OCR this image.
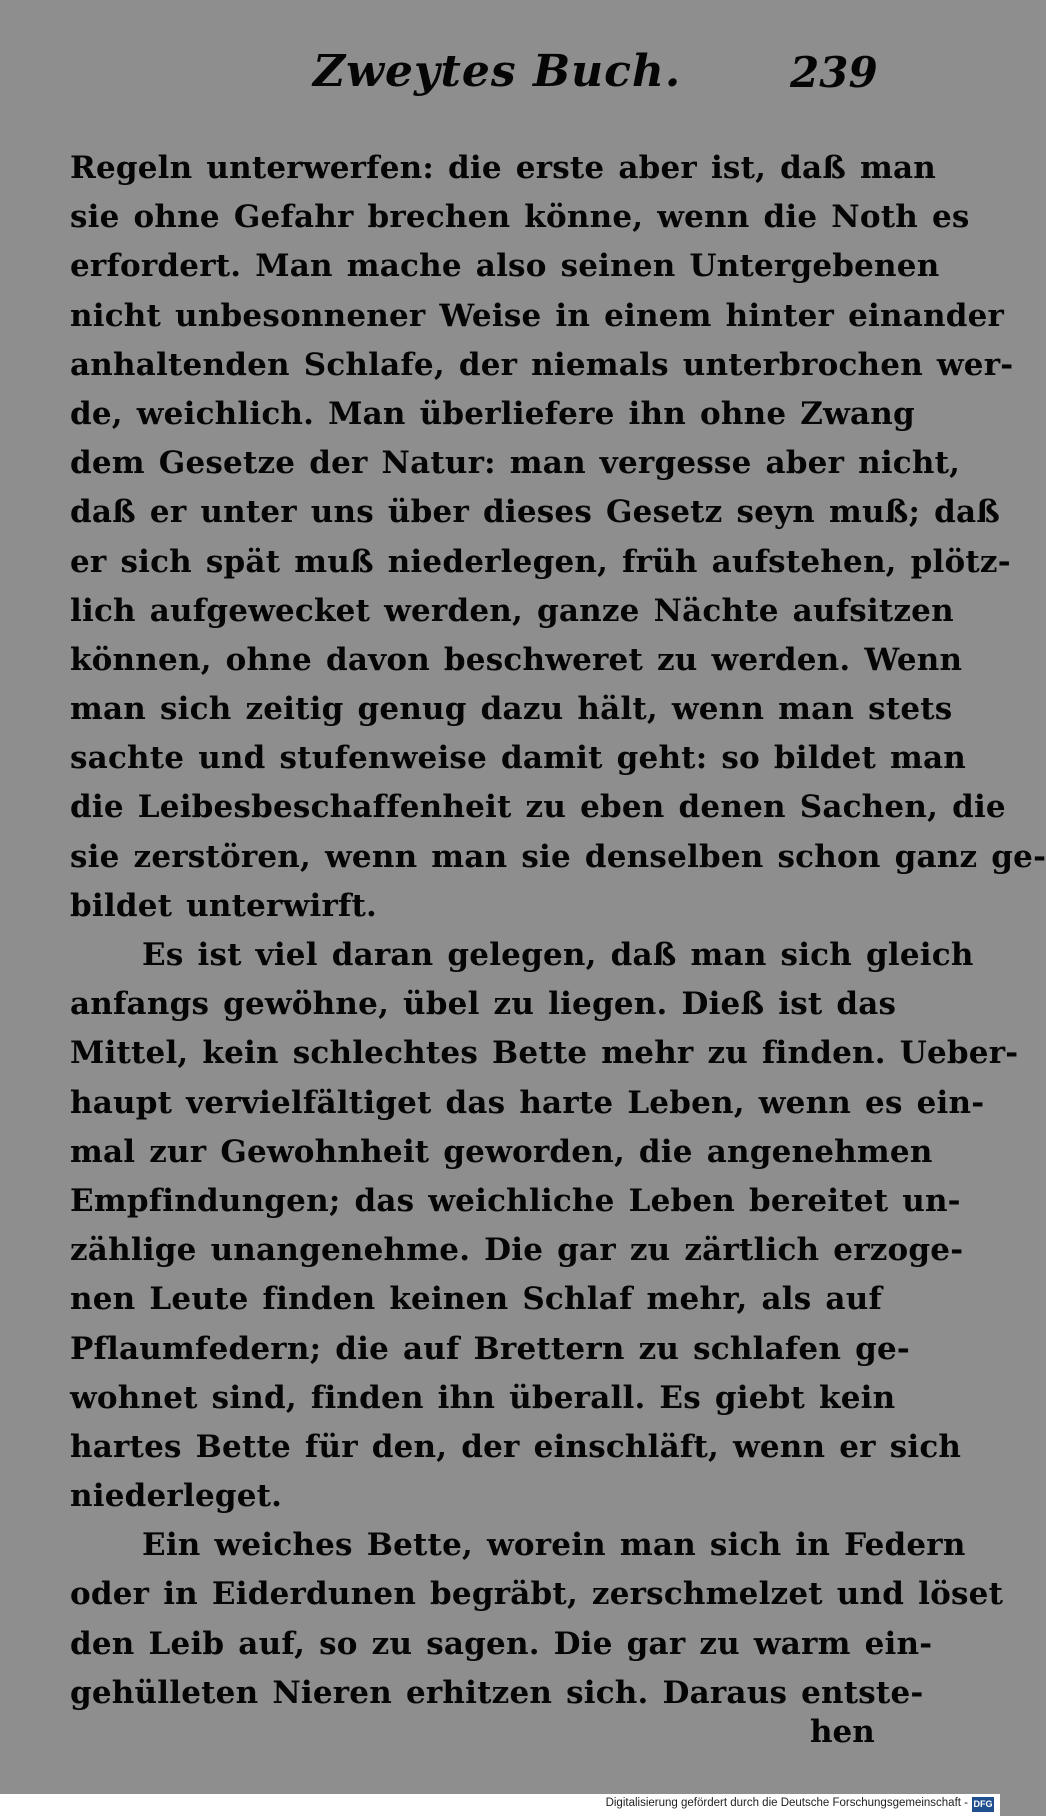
Zweytes Buch.	239

Regeln unterwerfen: die erste aber ist, daß man
sie ohne Gefahr brechen könne, wenn die Noth es
erfordert. Man mache also seinen Untergebenen
nicht unbesonnener Weise in einem hinter einander
anhaltenden Schlafe, der niemals unterbrochen wer-
de, weichlich. Man überliefere ihn ohne Zwang
dem Gesetze der Natur: man vergesse aber nicht,
daß er unter uns über dieses Gesetz seyn muß; daß
er sich spät muß niederlegen, früh aufstehen, plötz-
lich aufgewecket werden, ganze Nächte aufsitzen
können, ohne davon beschweret zu werden. Wenn
man sich zeitig genug dazu hält, wenn man stets
sachte und stufenweise damit geht: so bildet man
die Leibesbeschaffenheit zu eben denen Sachen, die
sie zerstören, wenn man sie denselben schon ganz ge-
bildet unterwirft.

Es ist viel daran gelegen, daß man sich gleich
anfangs gewöhne, übel zu liegen. Dieß ist das
Mittel, kein schlechtes Bette mehr zu finden. Ueber-
haupt vervielfältiget das harte Leben, wenn es ein-
mal zur Gewohnheit geworden, die angenehmen
Empfindungen; das weichliche Leben bereitet un-
zählige unangenehme. Die gar zu zärtlich erzoge-
nen Leute finden keinen Schlaf mehr, als auf
Pflaumfedern; die auf Brettern zu schlafen ge-
wohnet sind, finden ihn überall. Es giebt kein
hartes Bette für den, der einschläft, wenn er sich
niederleget.

Ein weiches Bette, worein man sich in Federn
oder in Eiderdunen begräbt, zerschmelzet und löset
den Leib auf, so zu sagen. Die gar zu warm ein-
gehülleten Nieren erhitzen sich. Daraus entste-

hen
Digitalisierung gefördert durch die Deutsche Forschungsgemeinschaft - DFG
